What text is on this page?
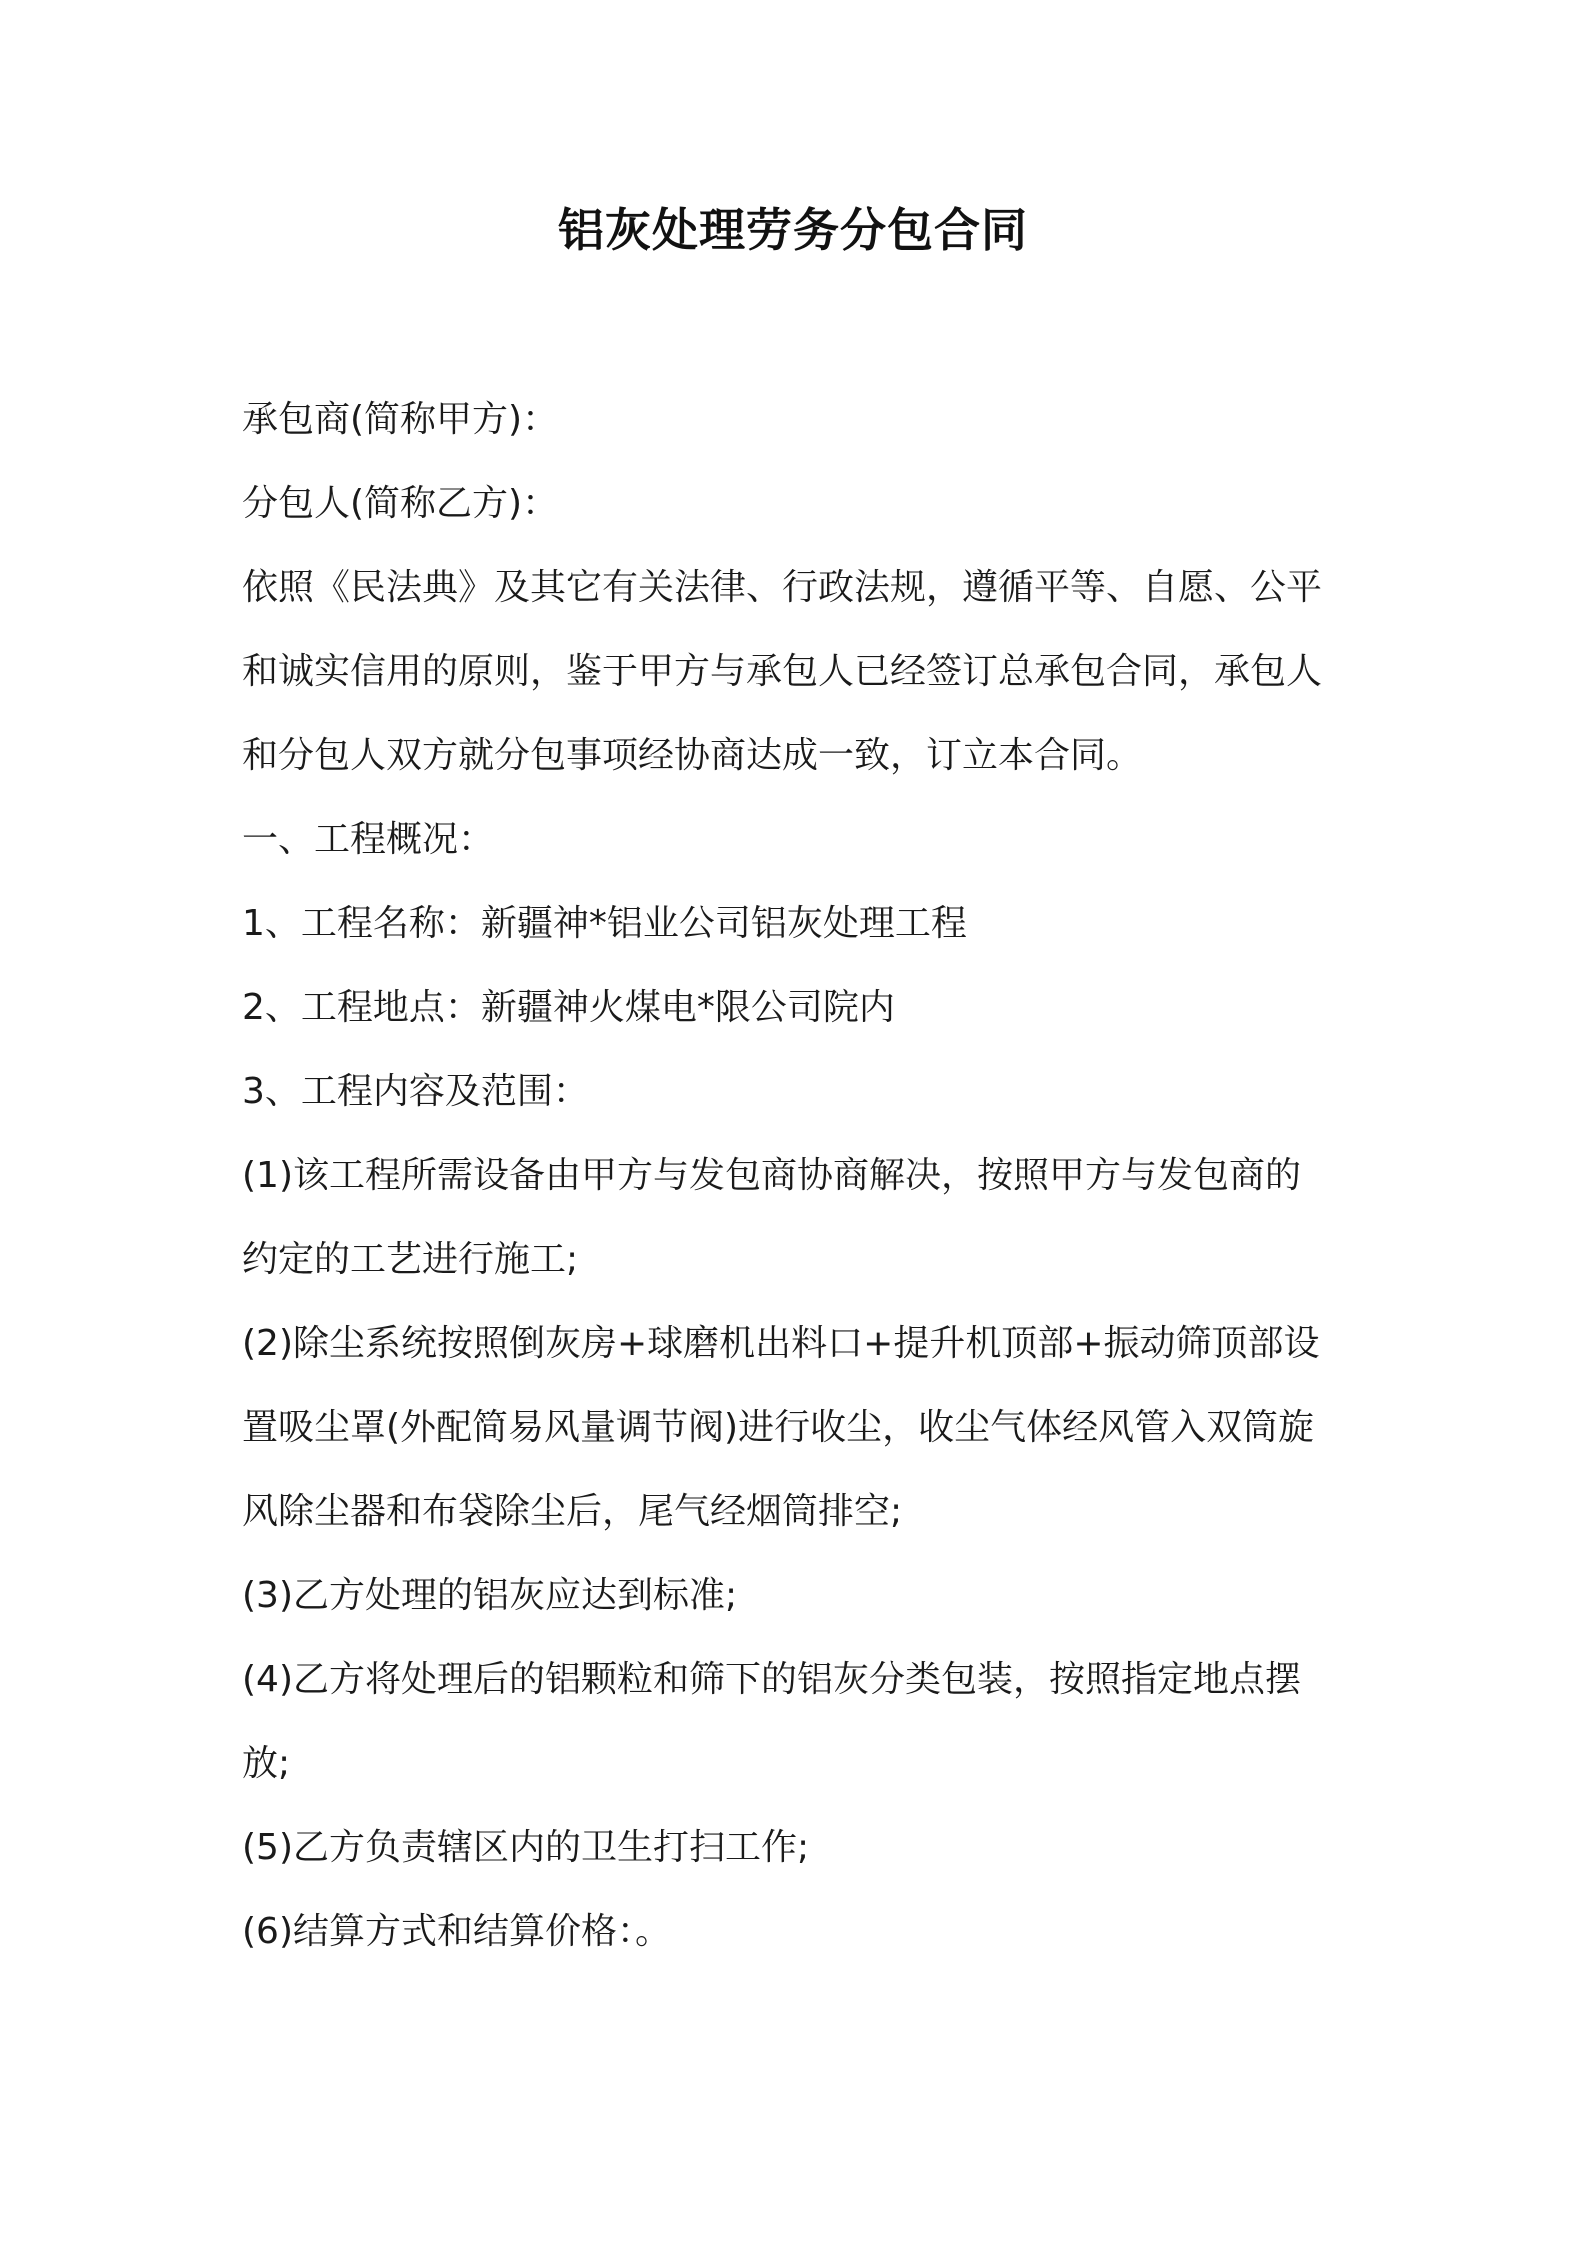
铝灰处理劳务分包合同
承包商(简称甲方)：
分包人(简称乙方)：
依照《民法典》及其它有关法律、行政法规，遵循平等、自愿、公平
和诚实信用的原则，鉴于甲方与承包人已经签订总承包合同，承包人
和分包人双方就分包事项经协商达成一致，订立本合同。
一、工程概况：
1、工程名称：新疆神*铝业公司铝灰处理工程
2、工程地点：新疆神火煤电*限公司院内
3、工程内容及范围：
(1)该工程所需设备由甲方与发包商协商解决，按照甲方与发包商的
约定的工艺进行施工;
(2)除尘系统按照倒灰房+球磨机出料口+提升机顶部+振动筛顶部设
置吸尘罩(外配简易风量调节阀)进行收尘，收尘气体经风管入双筒旋
风除尘器和布袋除尘后，尾气经烟筒排空;
(3)乙方处理的铝灰应达到标准;
(4)乙方将处理后的铝颗粒和筛下的铝灰分类包装，按照指定地点摆
放;
(5)乙方负责辖区内的卫生打扫工作;
(6)结算方式和结算价格：。
